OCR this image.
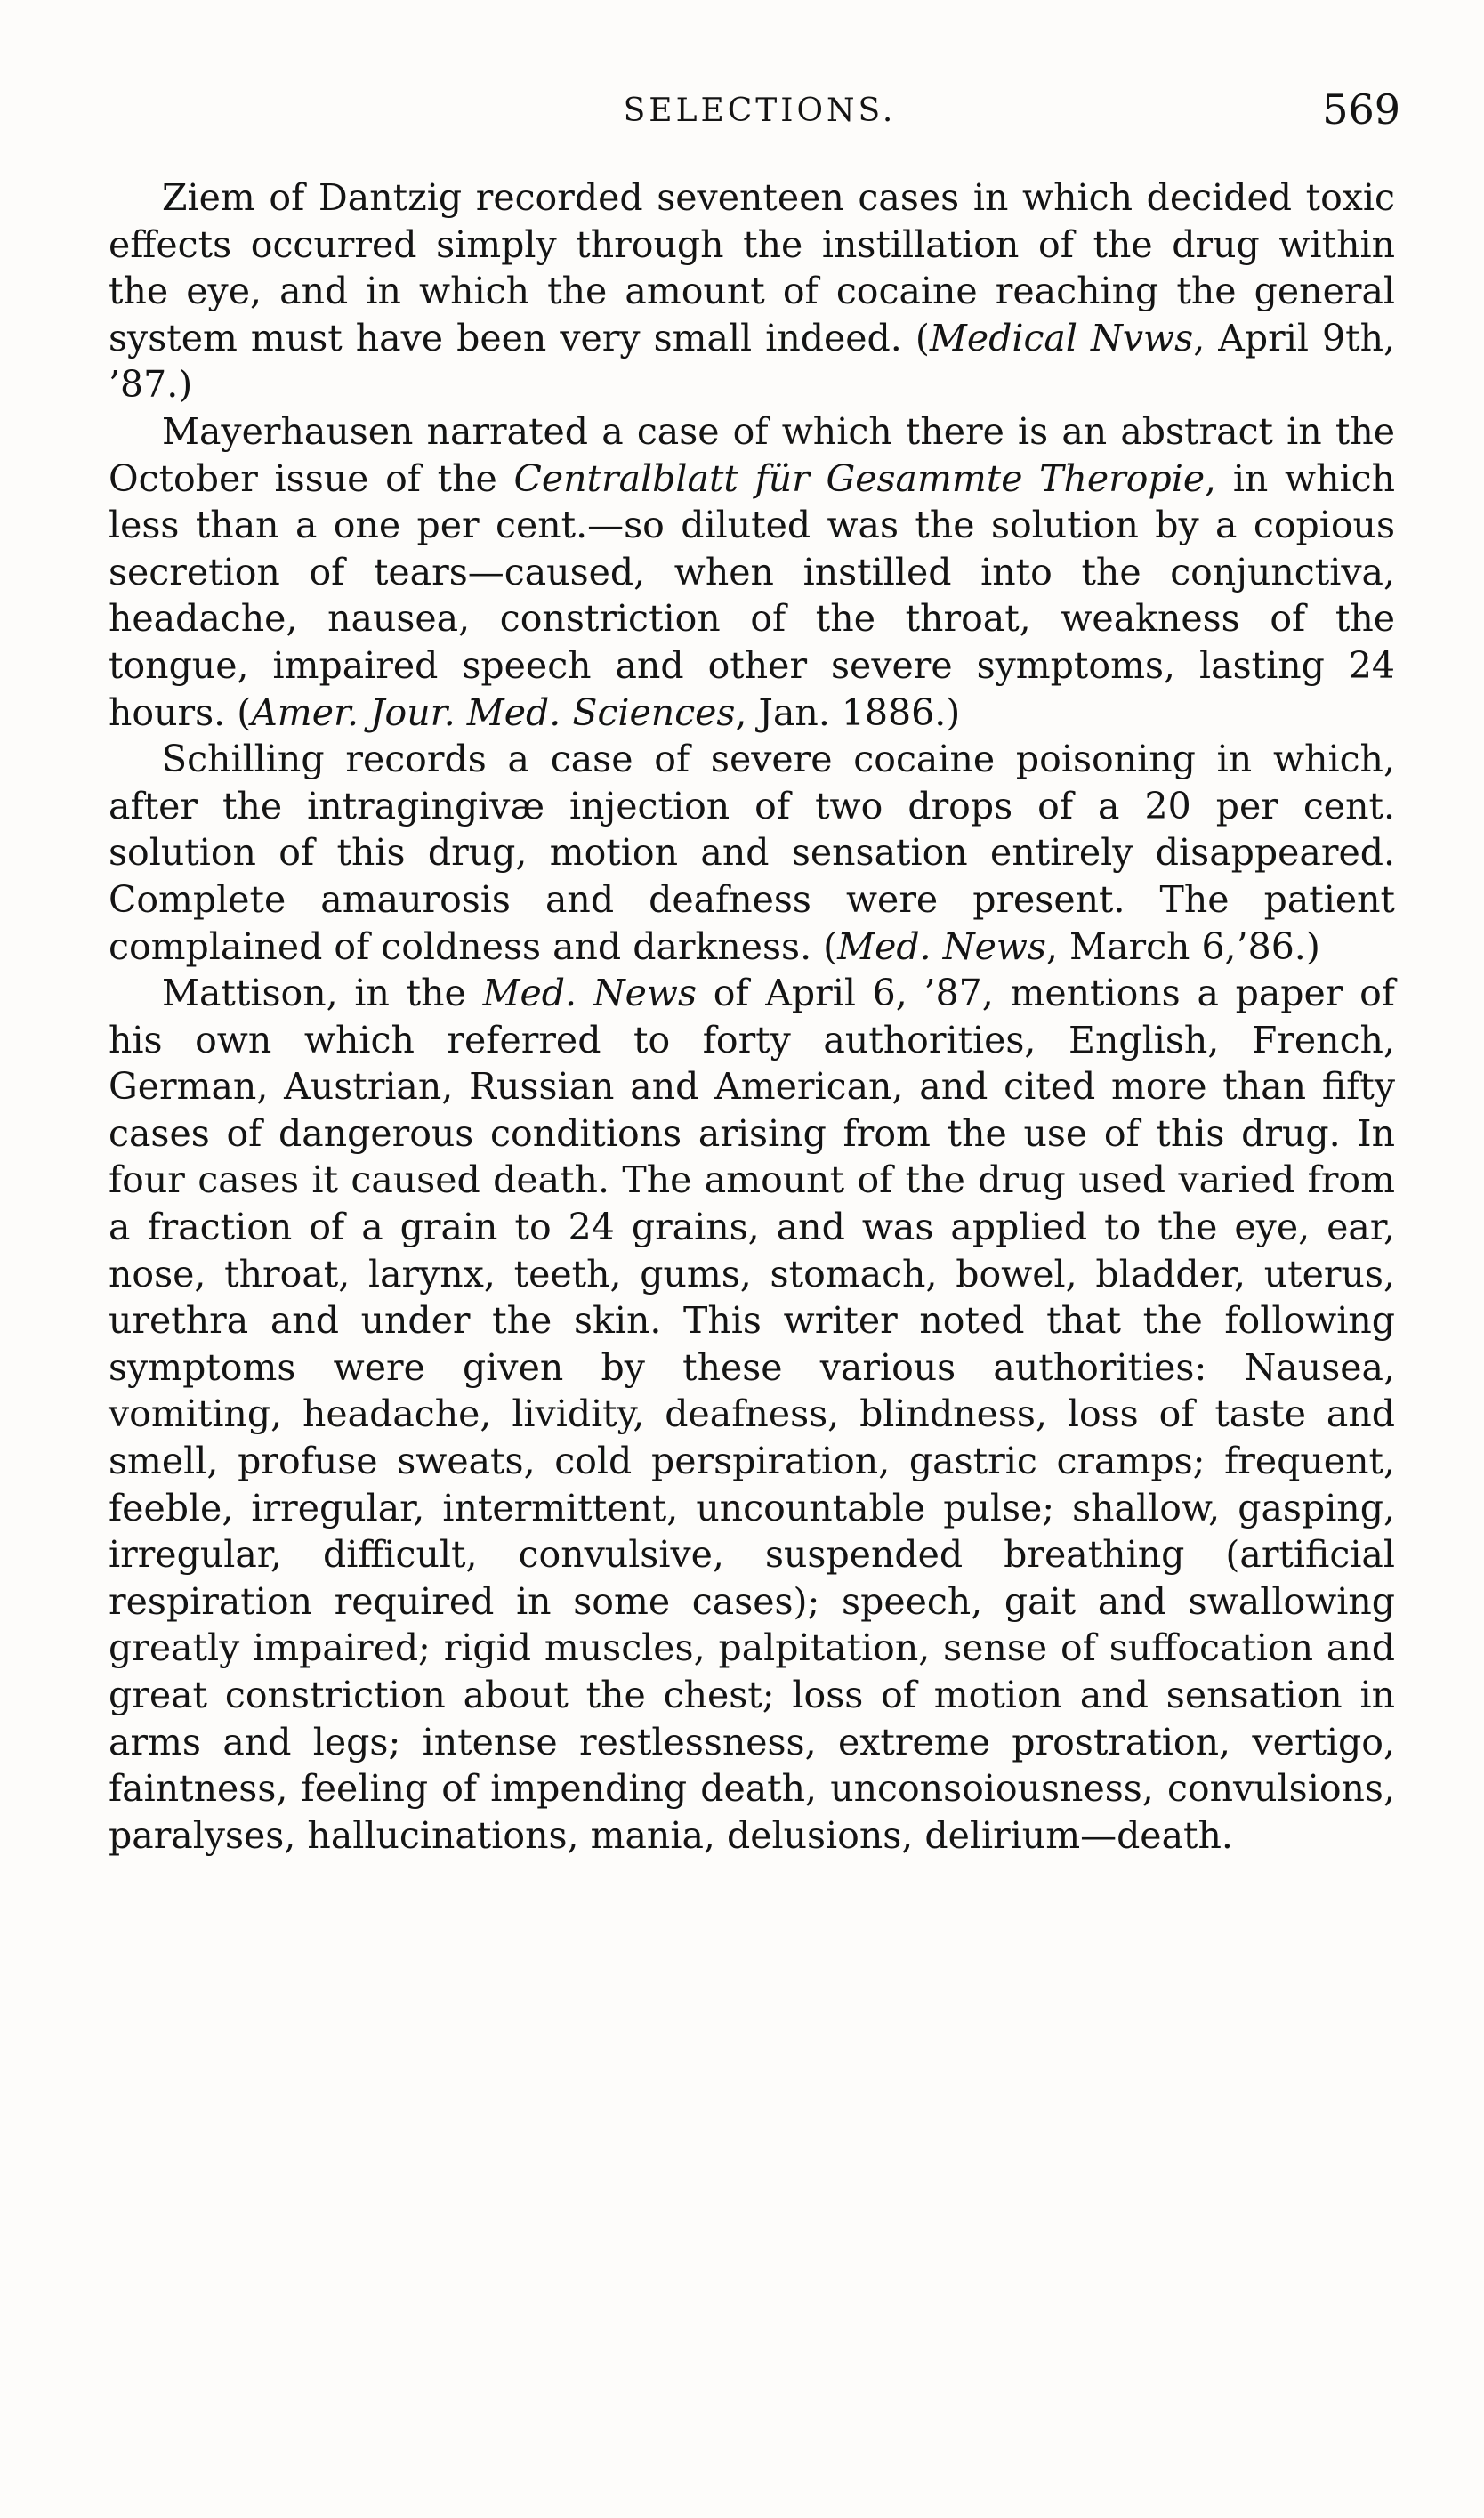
SELECTIONS.	569

Ziem of Dantzig recorded seventeen cases in which decided toxic effects occurred simply through the instillation of the drug within the eye, and in which the amount of cocaine reaching the general system must have been very small indeed. (Medical Nvws, April 9th, ’87.)

Mayerhausen narrated a case of which there is an abstract in the October issue of the Centralblatt für Gesammte Theropie, in which less than a one per cent.—so diluted was the solution by a copious secretion of tears—caused, when instilled into the conjunctiva, headache, nausea, constriction of the throat, weakness of the tongue, impaired speech and other severe symptoms, lasting 24 hours. (Amer. Jour. Med. Sciences, Jan. 1886.)

Schilling records a case of severe cocaine poisoning in which, after the intragingivæ injection of two drops of a 20 per cent. solution of this drug, motion and sensation entirely disappeared. Complete amaurosis and deafness were present. The patient complained of coldness and darkness. (Med. News, March 6,’86.)

Mattison, in the Med. News of April 6, ’87, mentions a paper of his own which referred to forty authorities, English, French, German, Austrian, Russian and American, and cited more than fifty cases of dangerous conditions arising from the use of this drug. In four cases it caused death. The amount of the drug used varied from a fraction of a grain to 24 grains, and was applied to the eye, ear, nose, throat, larynx, teeth, gums, stomach, bowel, bladder, uterus, urethra and under the skin. This writer noted that the following symptoms were given by these various authorities: Nausea, vomiting, headache, lividity, deafness, blindness, loss of taste and smell, profuse sweats, cold perspiration, gastric cramps; frequent, feeble, irregular, intermittent, uncountable pulse; shallow, gasping, irregular, difficult, convulsive, suspended breathing (artificial respiration required in some cases); speech, gait and swallowing greatly impaired; rigid muscles, palpitation, sense of suffocation and great constriction about the chest; loss of motion and sensation in arms and legs; intense restlessness, extreme prostration, vertigo, faintness, feeling of impending death, unconsoiousness, convulsions, paralyses, hallucinations, mania, delusions, delirium—death.
